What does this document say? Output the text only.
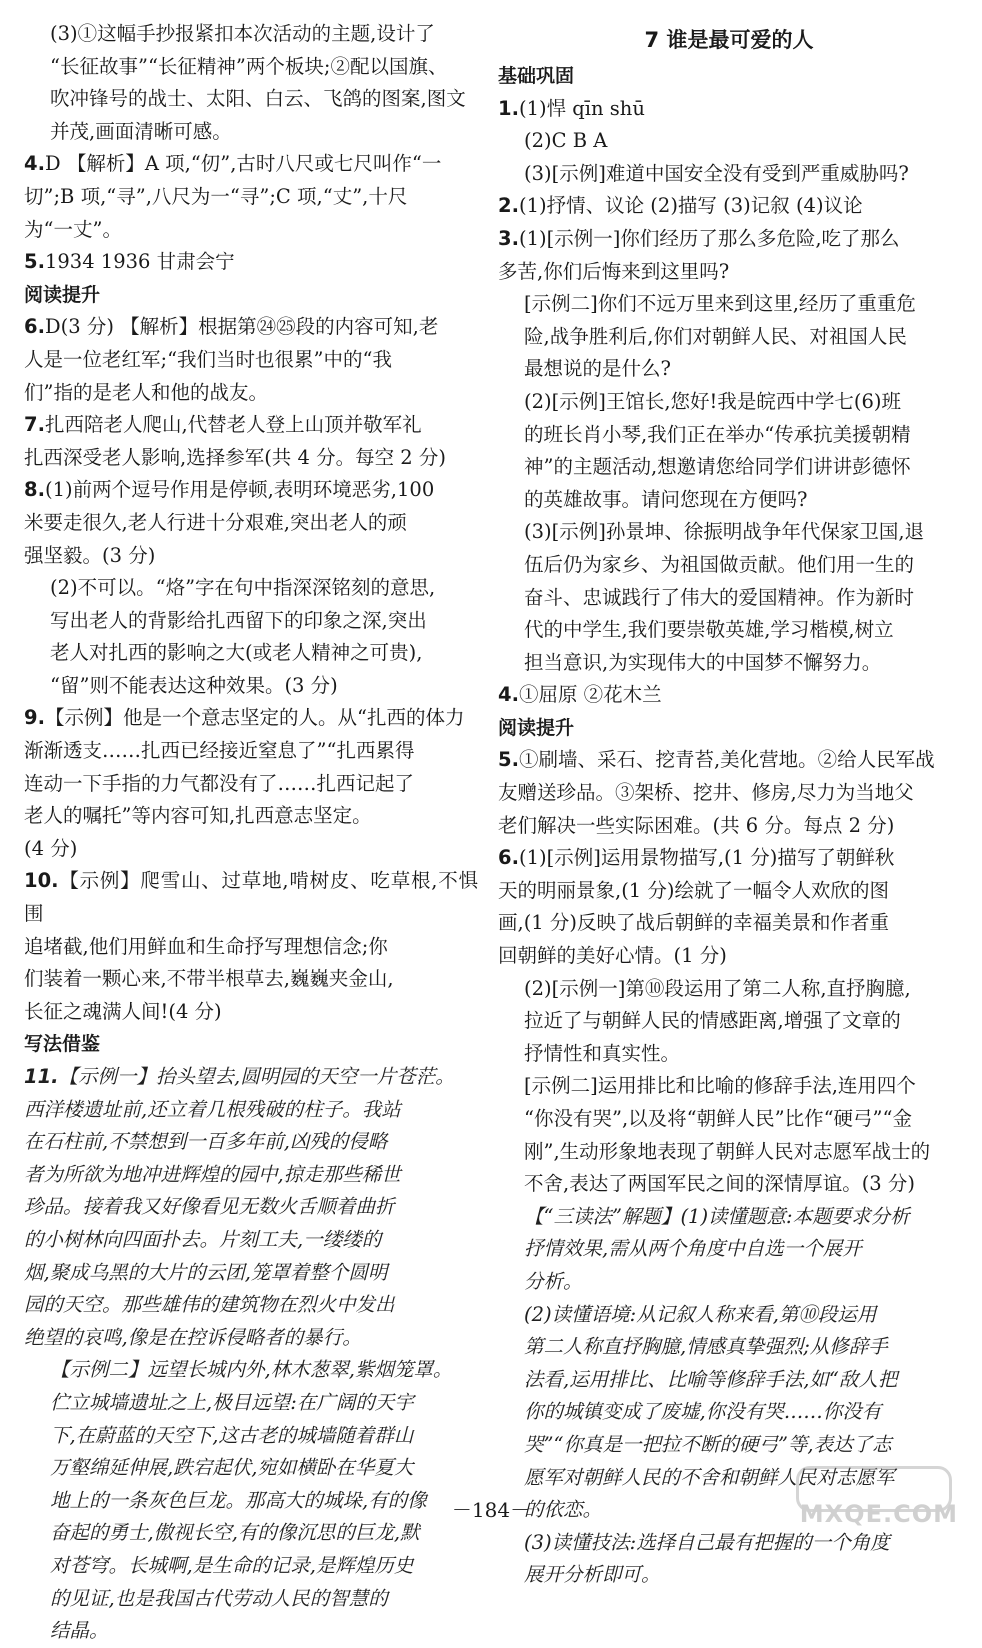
(3)①这幅手抄报紧扣本次活动的主题,设计了
“长征故事”“长征精神”两个板块;②配以国旗、
吹冲锋号的战士、太阳、白云、飞鸽的图案,图文
并茂,画面清晰可感。
4.D 【解析】A 项,“仞”,古时八尺或七尺叫作“一
切”;B 项,“寻”,八尺为一“寻”;C 项,“丈”,十尺
为“一丈”。
5.1934 1936 甘肃会宁
阅读提升
6.D(3 分) 【解析】根据第㉔㉕段的内容可知,老
人是一位老红军;“我们当时也很累”中的“我
们”指的是老人和他的战友。
7.扎西陪老人爬山,代替老人登上山顶并敬军礼
扎西深受老人影响,选择参军(共 4 分。每空 2 分)
8.(1)前两个逗号作用是停顿,表明环境恶劣,100
米要走很久,老人行进十分艰难,突出老人的顽
强坚毅。(3 分)
(2)不可以。“烙”字在句中指深深铭刻的意思,
写出老人的背影给扎西留下的印象之深,突出
老人对扎西的影响之大(或老人精神之可贵),
“留”则不能表达这种效果。(3 分)
9.【示例】他是一个意志坚定的人。从“扎西的体力
渐渐透支……扎西已经接近窒息了”“扎西累得
连动一下手指的力气都没有了……扎西记起了
老人的嘱托”等内容可知,扎西意志坚定。
(4 分)
10.【示例】爬雪山、过草地,啃树皮、吃草根,不惧围
追堵截,他们用鲜血和生命抒写理想信念;你
们装着一颗心来,不带半根草去,巍巍夹金山,
长征之魂满人间!(4 分)
写法借鉴
11.【示例一】抬头望去,圆明园的天空一片苍茫。
西洋楼遗址前,还立着几根残破的柱子。我站
在石柱前,不禁想到一百多年前,凶残的侵略
者为所欲为地冲进辉煌的园中,掠走那些稀世
珍品。接着我又好像看见无数火舌顺着曲折
的小树林向四面扑去。片刻工夫,一缕缕的
烟,聚成乌黑的大片的云团,笼罩着整个圆明
园的天空。那些雄伟的建筑物在烈火中发出
绝望的哀鸣,像是在控诉侵略者的暴行。
【示例二】远望长城内外,林木葱翠,紫烟笼罩。
伫立城墙遗址之上,极目远望:在广阔的天宇
下,在蔚蓝的天空下,这古老的城墙随着群山
万壑绵延伸展,跌宕起伏,宛如横卧在华夏大
地上的一条灰色巨龙。那高大的城垛,有的像
奋起的勇士,傲视长空,有的像沉思的巨龙,默
对苍穹。长城啊,是生命的记录,是辉煌历史
的见证,也是我国古代劳动人民的智慧的
结晶。
7 谁是最可爱的人
基础巩固
1.(1)悍 qīn shū
(2)C B A
(3)[示例]难道中国安全没有受到严重威胁吗?
2.(1)抒情、议论 (2)描写 (3)记叙 (4)议论
3.(1)[示例一]你们经历了那么多危险,吃了那么
多苦,你们后悔来到这里吗?
[示例二]你们不远万里来到这里,经历了重重危
险,战争胜利后,你们对朝鲜人民、对祖国人民
最想说的是什么?
(2)[示例]王馆长,您好!我是皖西中学七(6)班
的班长肖小琴,我们正在举办“传承抗美援朝精
神”的主题活动,想邀请您给同学们讲讲彭德怀
的英雄故事。请问您现在方便吗?
(3)[示例]孙景坤、徐振明战争年代保家卫国,退
伍后仍为家乡、为祖国做贡献。他们用一生的
奋斗、忠诚践行了伟大的爱国精神。作为新时
代的中学生,我们要崇敬英雄,学习楷模,树立
担当意识,为实现伟大的中国梦不懈努力。
4.①屈原 ②花木兰
阅读提升
5.①刷墙、采石、挖青苔,美化营地。②给人民军战
友赠送珍品。③架桥、挖井、修房,尽力为当地父
老们解决一些实际困难。(共 6 分。每点 2 分)
6.(1)[示例]运用景物描写,(1 分)描写了朝鲜秋
天的明丽景象,(1 分)绘就了一幅令人欢欣的图
画,(1 分)反映了战后朝鲜的幸福美景和作者重
回朝鲜的美好心情。(1 分)
(2)[示例一]第⑩段运用了第二人称,直抒胸臆,
拉近了与朝鲜人民的情感距离,增强了文章的
抒情性和真实性。
[示例二]运用排比和比喻的修辞手法,连用四个
“你没有哭”,以及将“朝鲜人民”比作“硬弓”“金
刚”,生动形象地表现了朝鲜人民对志愿军战士的
不舍,表达了两国军民之间的深情厚谊。(3 分)
【“三读法”解题】(1)读懂题意:本题要求分析
抒情效果,需从两个角度中自选一个展开
分析。
(2)读懂语境:从记叙人称来看,第⑩段运用
第二人称直抒胸臆,情感真挚强烈;从修辞手
法看,运用排比、比喻等修辞手法,如“敌人把
你的城镇变成了废墟,你没有哭……你没有
哭”“你真是一把拉不断的硬弓”等,表达了志
愿军对朝鲜人民的不舍和朝鲜人民对志愿军
的依恋。
(3)读懂技法:选择自己最有把握的一个角度
展开分析即可。
－184－	MXQE.COM
